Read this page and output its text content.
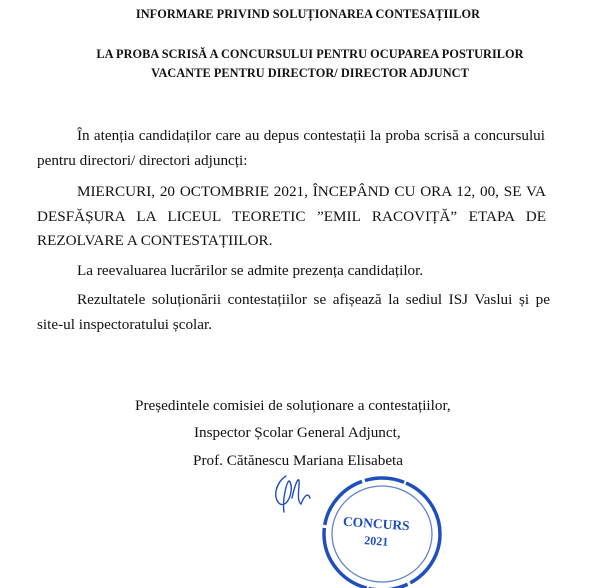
INFORMARE PRIVIND SOLUȚIONAREA CONTESAȚIILOR
LA PROBA SCRISĂ A CONCURSULUI PENTRU OCUPAREA POSTURILOR
VACANTE PENTRU DIRECTOR/ DIRECTOR ADJUNCT

În atenția candidaților care au depus contestații la proba scrisă a concursului pentru directori/ directori adjuncți:

MIERCURI, 20 OCTOMBRIE 2021, ÎNCEPÂND CU ORA 12, 00, SE VA DESFĂȘURA LA LICEUL TEORETIC ”EMIL RACOVIȚĂ” ETAPA DE REZOLVARE A CONTESTAȚIILOR.

La reevaluarea lucrărilor se admite prezența candidaților.

Rezultatele soluționării contestațiilor se afișează la sediul ISJ Vaslui și pe site-ul inspectoratului școlar.

Președintele comisiei de soluționare a contestațiilor,
Inspector Școlar General Adjunct,
Prof. Cătănescu Mariana Elisabeta
CONCURS
2021
